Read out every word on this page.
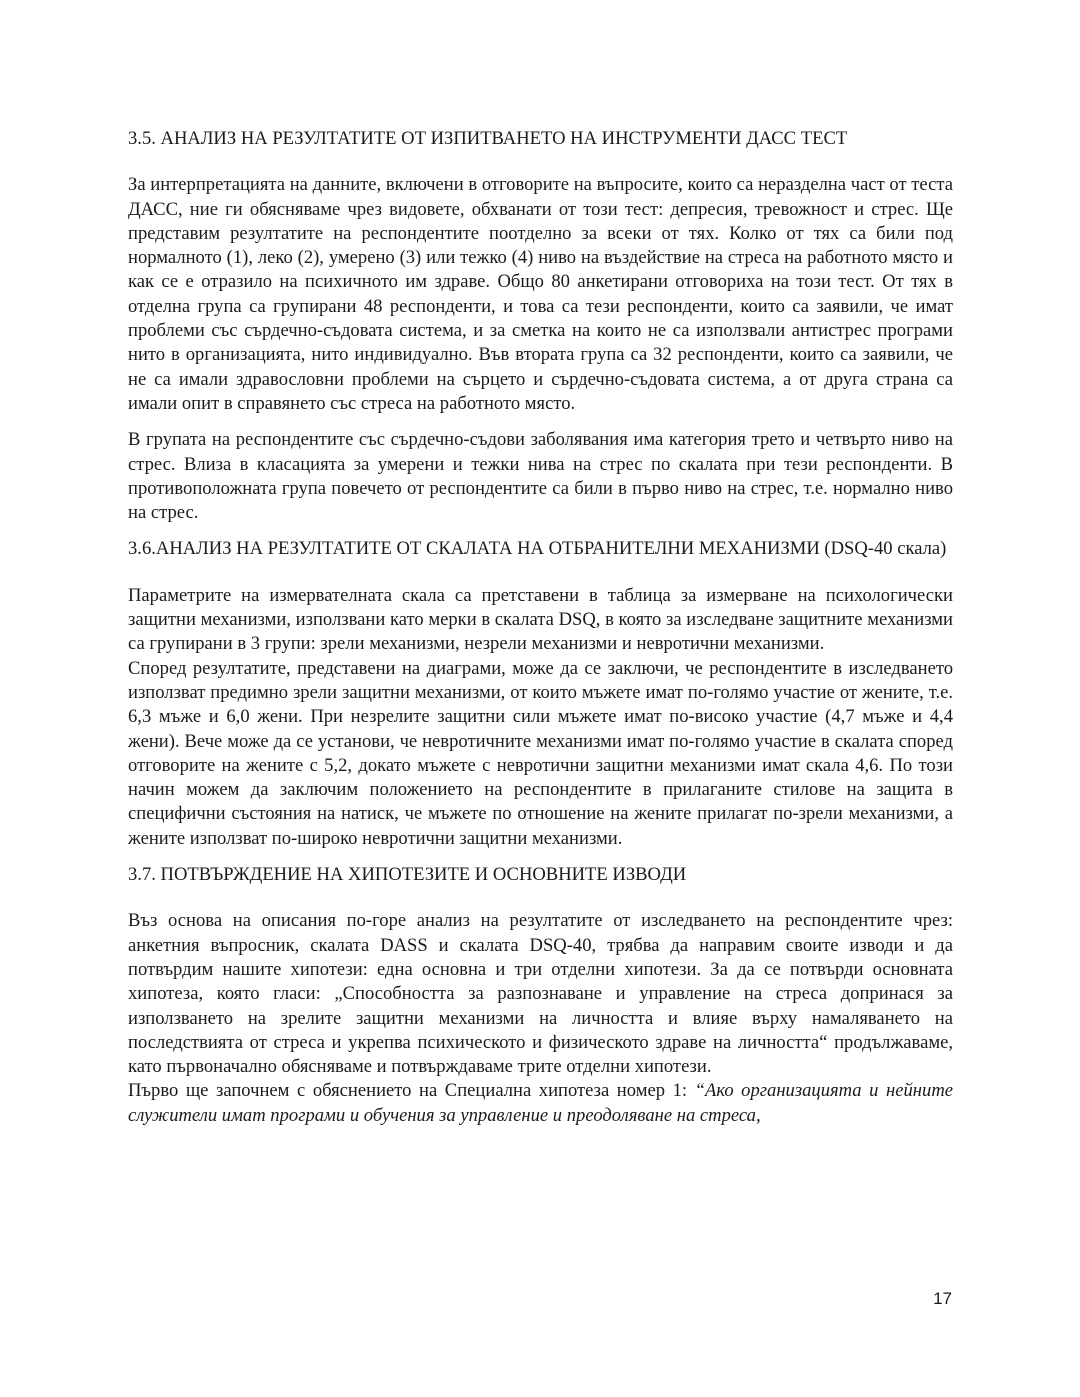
3.5. АНАЛИЗ НА РЕЗУЛТАТИТЕ ОТ ИЗПИТВАНЕТО НА ИНСТРУМЕНТИ ДАСС ТЕСТ

За интерпретацията на данните, включени в отговорите на въпросите, които са неразделна част от теста ДАСС, ние ги обясняваме чрез видовете, обхванати от този тест: депресия, тревожност и стрес. Ще представим резултатите на респондентите поотделно за всеки от тях. Колко от тях са били под нормалното (1), леко (2), умерено (3) или тежко (4) ниво на въздействие на стреса на работното място и как се е отразило на психичното им здраве. Общо 80 анкетирани отговориха на този тест. От тях в отделна група са групирани 48 респонденти, и това са тези респонденти, които са заявили, че имат проблеми със сърдечно-съдовата система, и за сметка на които не са използвали антистрес програми нито в организацията, нито индивидуално. Във втората група са 32 респонденти, които са заявили, че не са имали здравословни проблеми на сърцето и сърдечно-съдовата система, а от друга страна са имали опит в справянето със стреса на работното място.

В групата на респондентите със сърдечно-съдови заболявания има категория трето и четвърто ниво на стрес. Влиза в класацията за умерени и тежки нива на стрес по скалата при тези респонденти. В противоположната група повечето от респондентите са били в първо ниво на стрес, т.е. нормално ниво на стрес.

3.6.АНАЛИЗ НА РЕЗУЛТАТИТЕ ОТ СКАЛАТА НА ОТБРАНИТЕЛНИ МЕХАНИЗМИ (DSQ-40 скала)

Параметрите на измервателната скала са претставени в таблица за измерване на психологически защитни механизми, използвани като мерки в скалата DSQ, в която за изследване защитните механизми са групирани в 3 групи: зрели механизми, незрели механизми и невротични механизми.

Според резултатите, представени на диаграми, може да се заключи, че респондентите в изследването използват предимно зрели защитни механизми, от които мъжете имат по-голямо участие от жените, т.е. 6,3 мъже и 6,0 жени. При незрелите защитни сили мъжете имат по-високо участие (4,7 мъже и 4,4 жени). Вече може да се установи, че невротичните механизми имат по-голямо участие в скалата според отговорите на жените с 5,2, докато мъжете с невротични защитни механизми имат скала 4,6. По този начин можем да заключим положението на респондентите в прилаганите стилове на защита в специфични състояния на натиск, че мъжете по отношение на жените прилагат по-зрели механизми, а жените използват по-широко невротични защитни механизми.

3.7. ПОТВЪРЖДЕНИЕ НА ХИПОТЕЗИТЕ И ОСНОВНИТЕ ИЗВОДИ

Въз основа на описания по-горе анализ на резултатите от изследването на респондентите чрез: анкетния въпросник, скалата DASS и скалата DSQ-40, трябва да направим своите изводи и да потвърдим нашите хипотези: една основна и три отделни хипотези. За да се потвърди основната хипотеза, която гласи: „Способността за разпознаване и управление на стреса допринася за използването на зрелите защитни механизми на личността и влияе върху намаляването на последствията от стреса и укрепва психическото и физическото здраве на личността“ продължаваме, като първоначално обясняваме и потвърждаваме трите отделни хипотези.

Първо ще започнем с обяснението на Специална хипотеза номер 1: “Ако организацията и нейните служители имат програми и обучения за управление и преодоляване на стреса,

17
